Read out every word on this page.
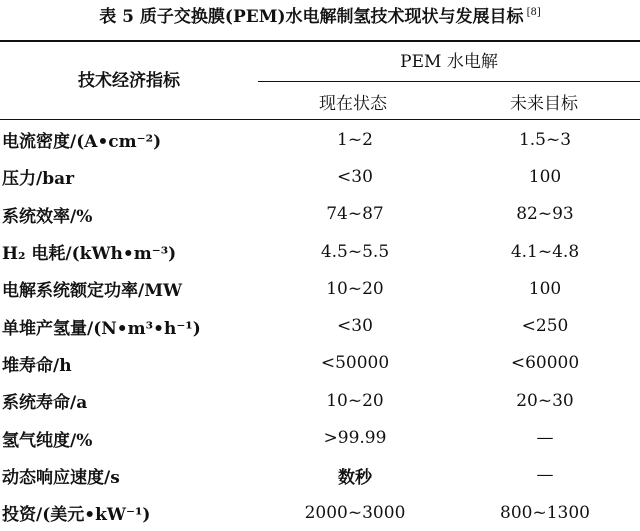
表 5 质子交换膜(PEM)水电解制氢技术现状与发展目标 [8]
技术经济指标
PEM 水电解
现在状态	未来目标
电流密度/(A•cm⁻²)	1~2	1.5~3
压力/bar	<30	100
系统效率/%	74~87	82~93
H₂ 电耗/(kWh•m⁻³)	4.5~5.5	4.1~4.8
电解系统额定功率/MW	10~20	100
单堆产氢量/(N•m³•h⁻¹)	<30	<250
堆寿命/h	<50000	<60000
系统寿命/a	10~20	20~30
氢气纯度/%	>99.99	—
动态响应速度/s	数秒	—
投资/(美元•kW⁻¹)	2000~3000	800~1300
